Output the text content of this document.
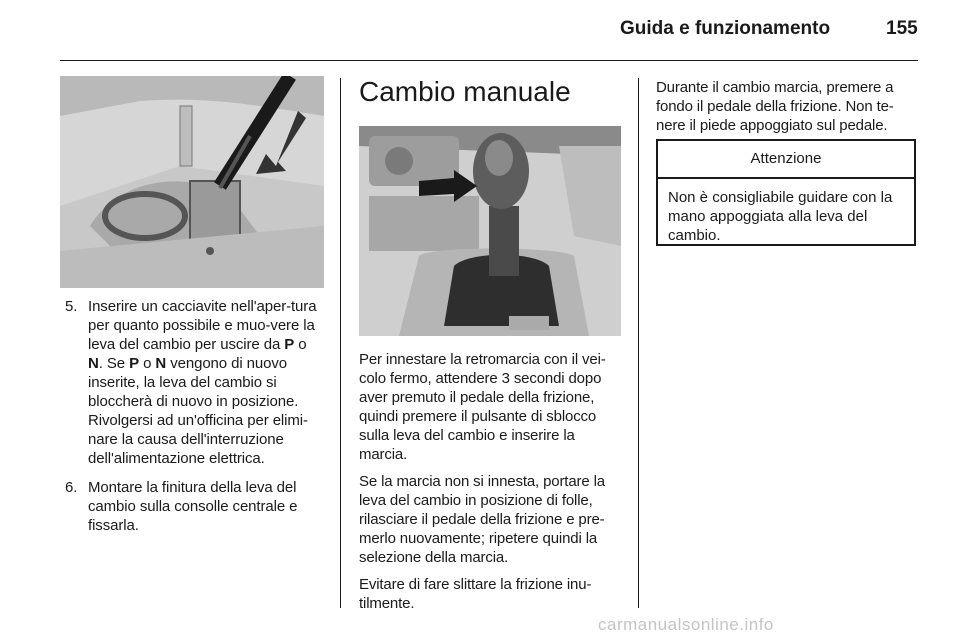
Guida e funzionamento	155
5. Inserire un cacciavite nell'aper-tura per quanto possibile e muo-vere la leva del cambio per uscire da P o N. Se P o N vengono di nuovo inserite, la leva del cambio si bloccherà di nuovo in posizione. Rivolgersi ad un'officina per elimi-nare la causa dell'interruzione dell'alimentazione elettrica.
6. Montare la finitura della leva del cambio sulla consolle centrale e fissarla.
Cambio manuale

Per innestare la retromarcia con il vei-colo fermo, attendere 3 secondi dopo aver premuto il pedale della frizione, quindi premere il pulsante di sblocco sulla leva del cambio e inserire la marcia.

Se la marcia non si innesta, portare la leva del cambio in posizione di folle, rilasciare il pedale della frizione e pre-merlo nuovamente; ripetere quindi la selezione della marcia.

Evitare di fare slittare la frizione inu-tilmente.

Durante il cambio marcia, premere a fondo il pedale della frizione. Non te-nere il piede appoggiato sul pedale.

Attenzione
Non è consigliabile guidare con la mano appoggiata alla leva del cambio.
carmanualsonline.info
